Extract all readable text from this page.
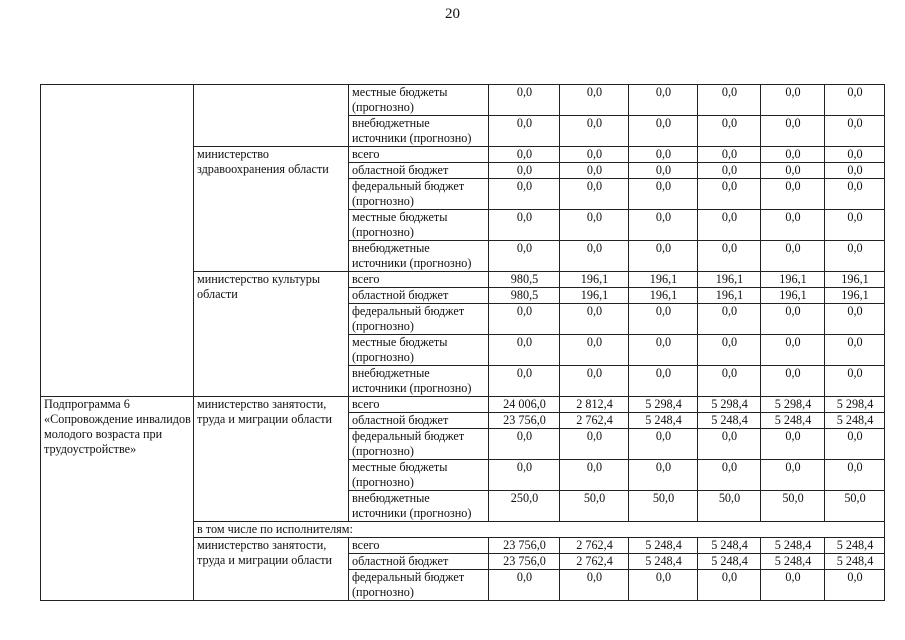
20
		местные бюджеты (прогнозно)	0,0	0,0	0,0	0,0	0,0	0,0
		внебюджетные источники (прогнозно)	0,0	0,0	0,0	0,0	0,0	0,0
	министерство здравоохранения области	всего	0,0	0,0	0,0	0,0	0,0	0,0
		областной бюджет	0,0	0,0	0,0	0,0	0,0	0,0
		федеральный бюджет (прогнозно)	0,0	0,0	0,0	0,0	0,0	0,0
		местные бюджеты (прогнозно)	0,0	0,0	0,0	0,0	0,0	0,0
		внебюджетные источники (прогнозно)	0,0	0,0	0,0	0,0	0,0	0,0
	министерство культуры области	всего	980,5	196,1	196,1	196,1	196,1	196,1
		областной бюджет	980,5	196,1	196,1	196,1	196,1	196,1
		федеральный бюджет (прогнозно)	0,0	0,0	0,0	0,0	0,0	0,0
		местные бюджеты (прогнозно)	0,0	0,0	0,0	0,0	0,0	0,0
		внебюджетные источники (прогнозно)	0,0	0,0	0,0	0,0	0,0	0,0
Подпрограмма 6 «Сопровождение инвалидов молодого возраста при трудоустройстве»	министерство занятости, труда и миграции области	всего	24 006,0	2 812,4	5 298,4	5 298,4	5 298,4	5 298,4
		областной бюджет	23 756,0	2 762,4	5 248,4	5 248,4	5 248,4	5 248,4
		федеральный бюджет (прогнозно)	0,0	0,0	0,0	0,0	0,0	0,0
		местные бюджеты (прогнозно)	0,0	0,0	0,0	0,0	0,0	0,0
		внебюджетные источники (прогнозно)	250,0	50,0	50,0	50,0	50,0	50,0
	в том числе по исполнителям:							
	министерство занятости, труда и миграции области	всего	23 756,0	2 762,4	5 248,4	5 248,4	5 248,4	5 248,4
		областной бюджет	23 756,0	2 762,4	5 248,4	5 248,4	5 248,4	5 248,4
		федеральный бюджет (прогнозно)	0,0	0,0	0,0	0,0	0,0	0,0
